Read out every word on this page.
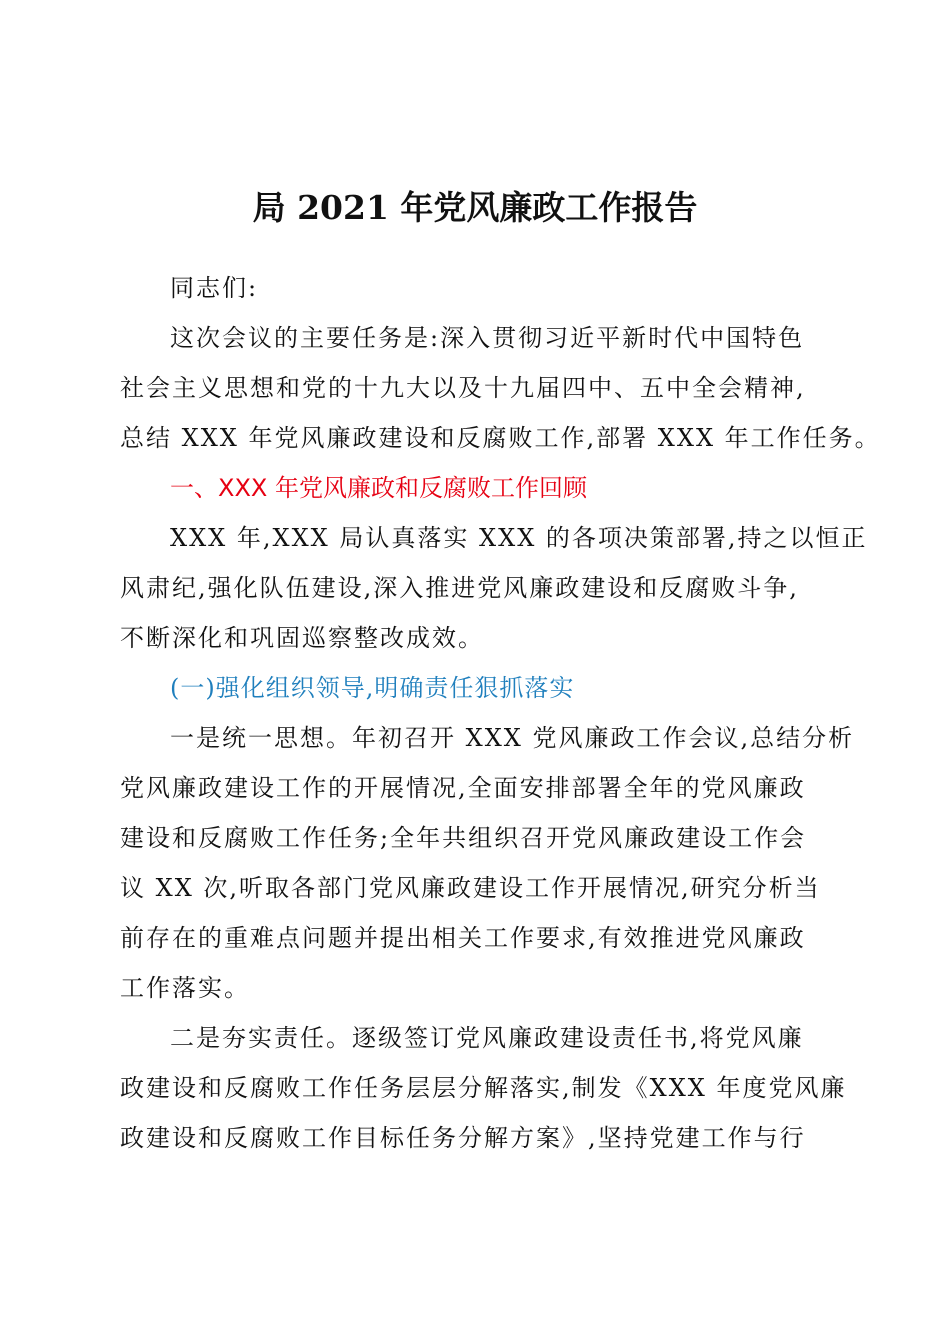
局 2021 年党风廉政工作报告
同志们:
这次会议的主要任务是:深入贯彻习近平新时代中国特色
社会主义思想和党的十九大以及十九届四中、五中全会精神,
总结 XXX 年党风廉政建设和反腐败工作,部署 XXX 年工作任务。
一、XXX 年党风廉政和反腐败工作回顾
XXX 年,XXX 局认真落实 XXX 的各项决策部署,持之以恒正
风肃纪,强化队伍建设,深入推进党风廉政建设和反腐败斗争,
不断深化和巩固巡察整改成效。
(一)强化组织领导,明确责任狠抓落实
一是统一思想。年初召开 XXX 党风廉政工作会议,总结分析
党风廉政建设工作的开展情况,全面安排部署全年的党风廉政
建设和反腐败工作任务;全年共组织召开党风廉政建设工作会
议 XX 次,听取各部门党风廉政建设工作开展情况,研究分析当
前存在的重难点问题并提出相关工作要求,有效推进党风廉政
工作落实。
二是夯实责任。逐级签订党风廉政建设责任书,将党风廉
政建设和反腐败工作任务层层分解落实,制发《XXX 年度党风廉
政建设和反腐败工作目标任务分解方案》,坚持党建工作与行
